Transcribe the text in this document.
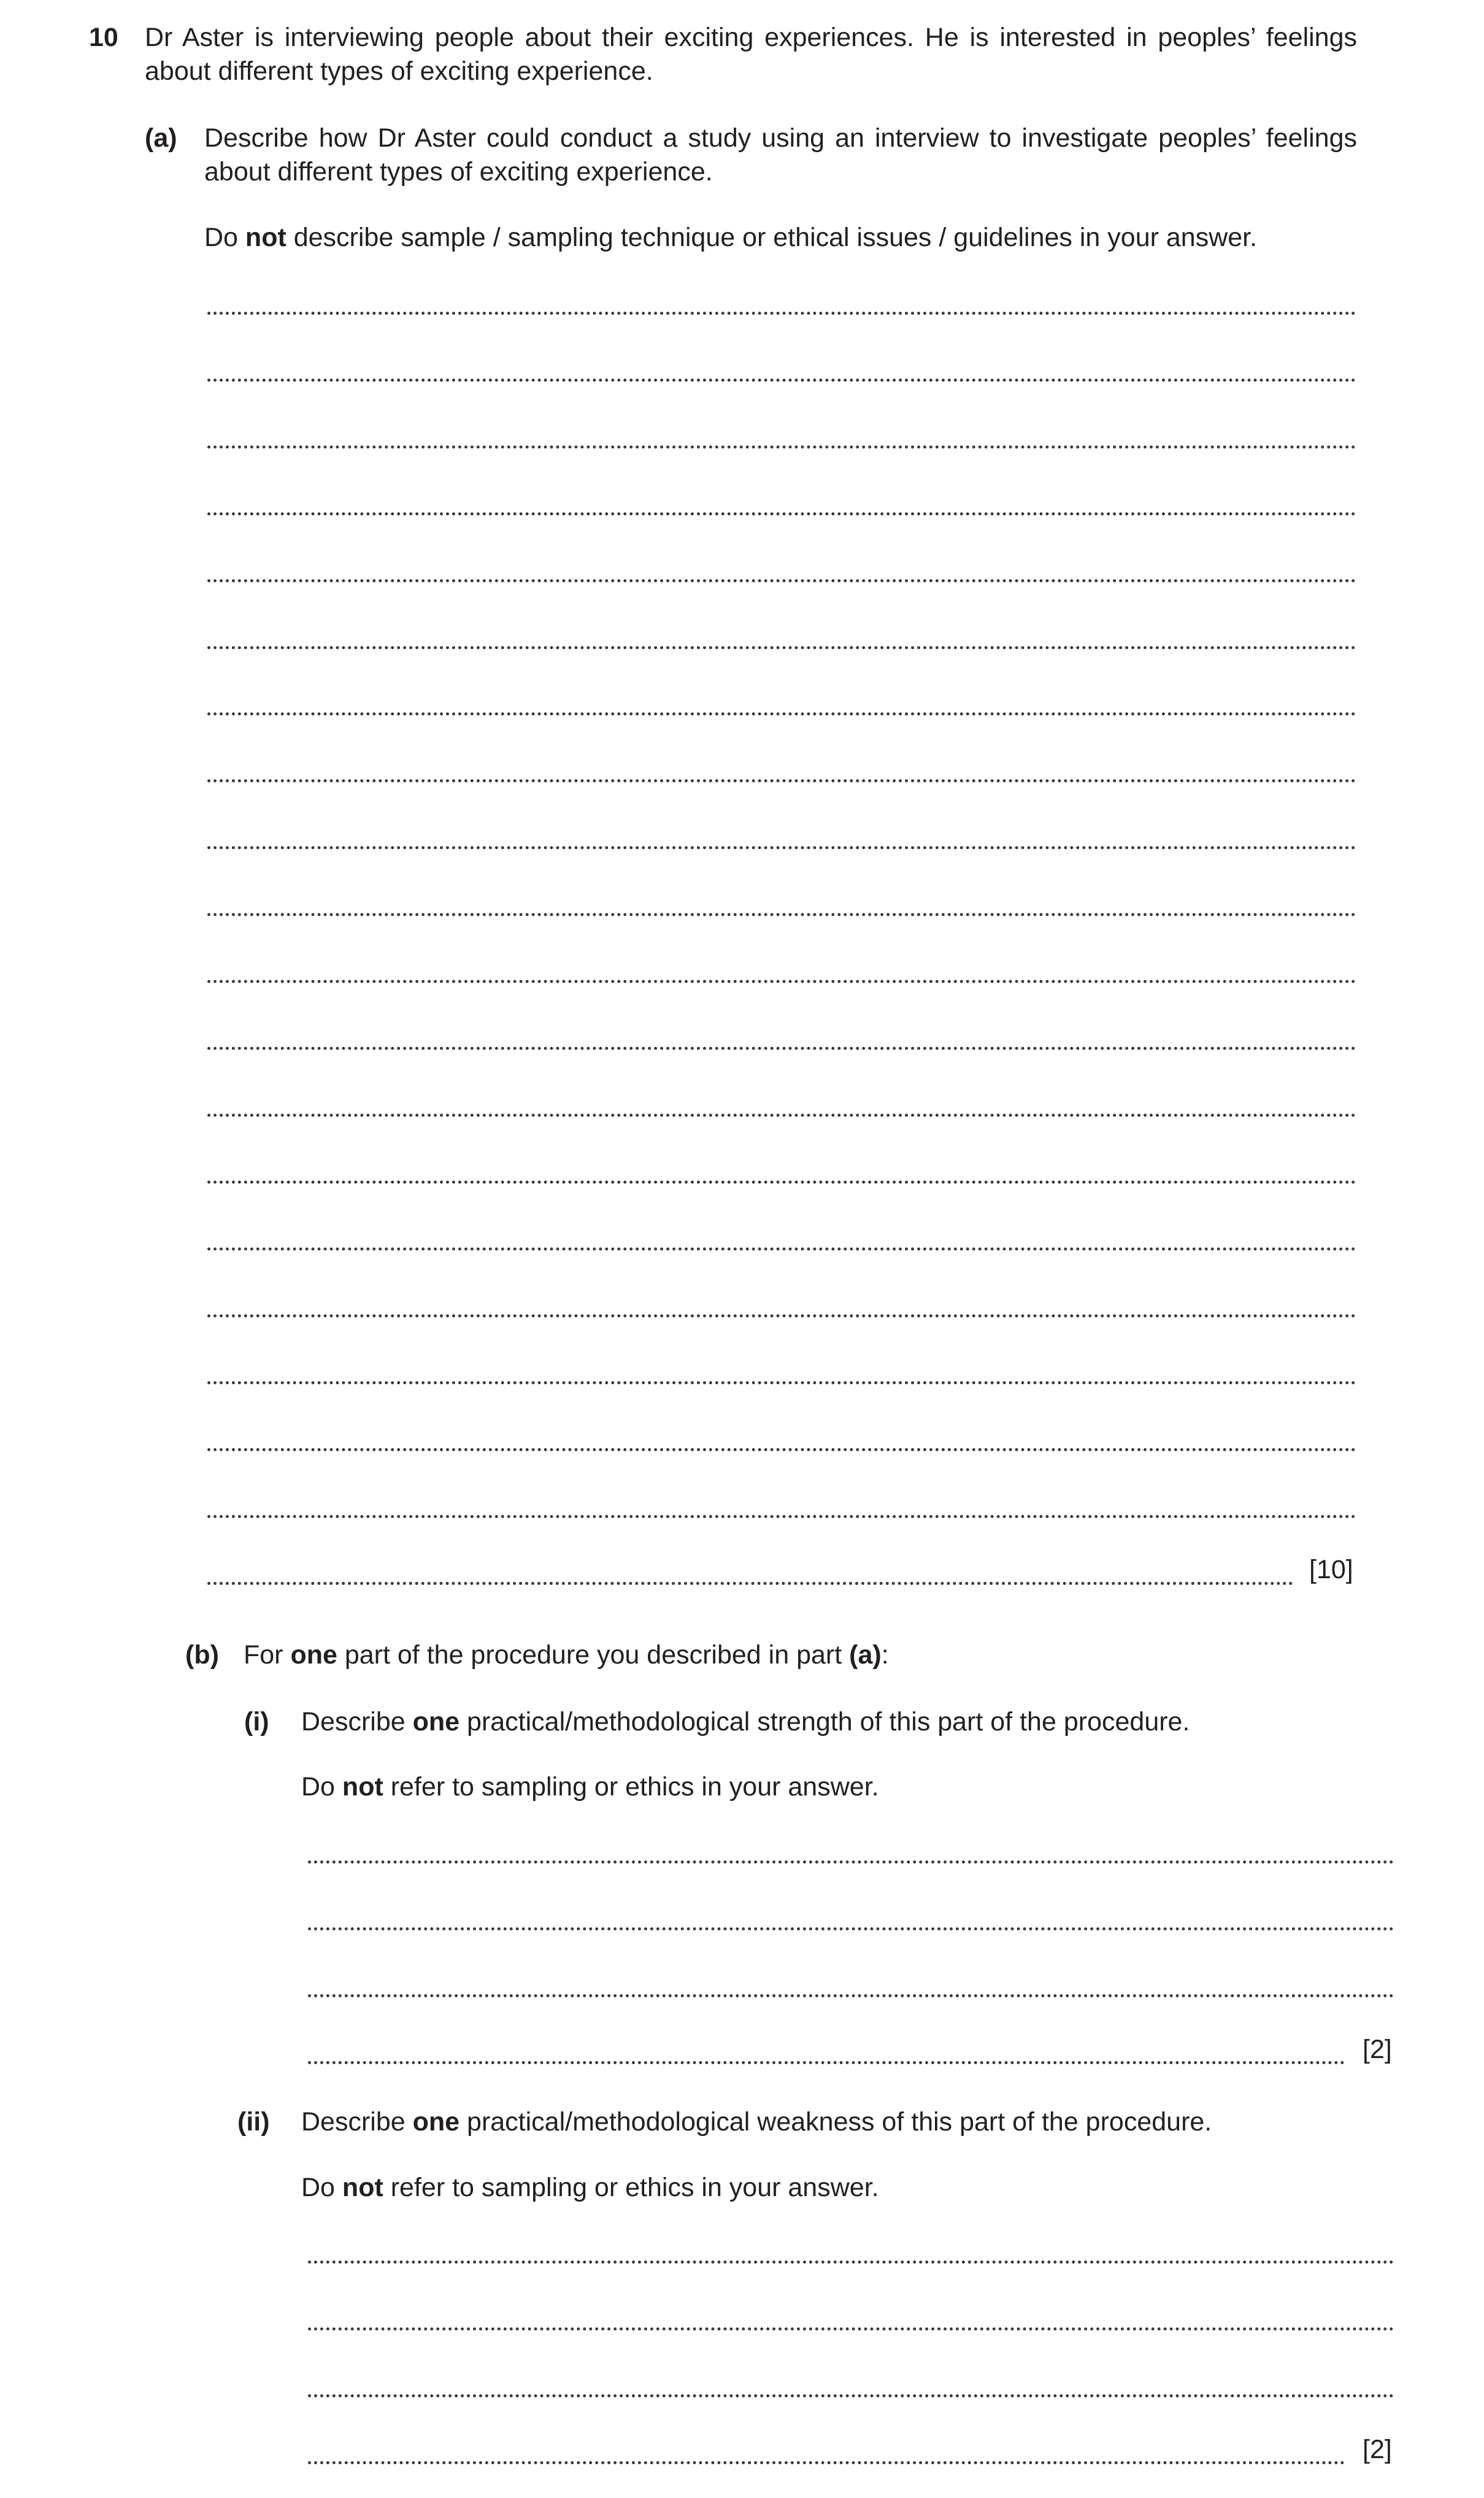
10 Dr Aster is interviewing people about their exciting experiences. He is interested in peoples’ feelings about different types of exciting experience.
(a) Describe how Dr Aster could conduct a study using an interview to investigate peoples’ feelings about different types of exciting experience.
Do not describe sample / sampling technique or ethical issues / guidelines in your answer.
[10]
(b) For one part of the procedure you described in part (a):
(i) Describe one practical/methodological strength of this part of the procedure.
Do not refer to sampling or ethics in your answer.
[2]
(ii) Describe one practical/methodological weakness of this part of the procedure.
Do not refer to sampling or ethics in your answer.
[2]
